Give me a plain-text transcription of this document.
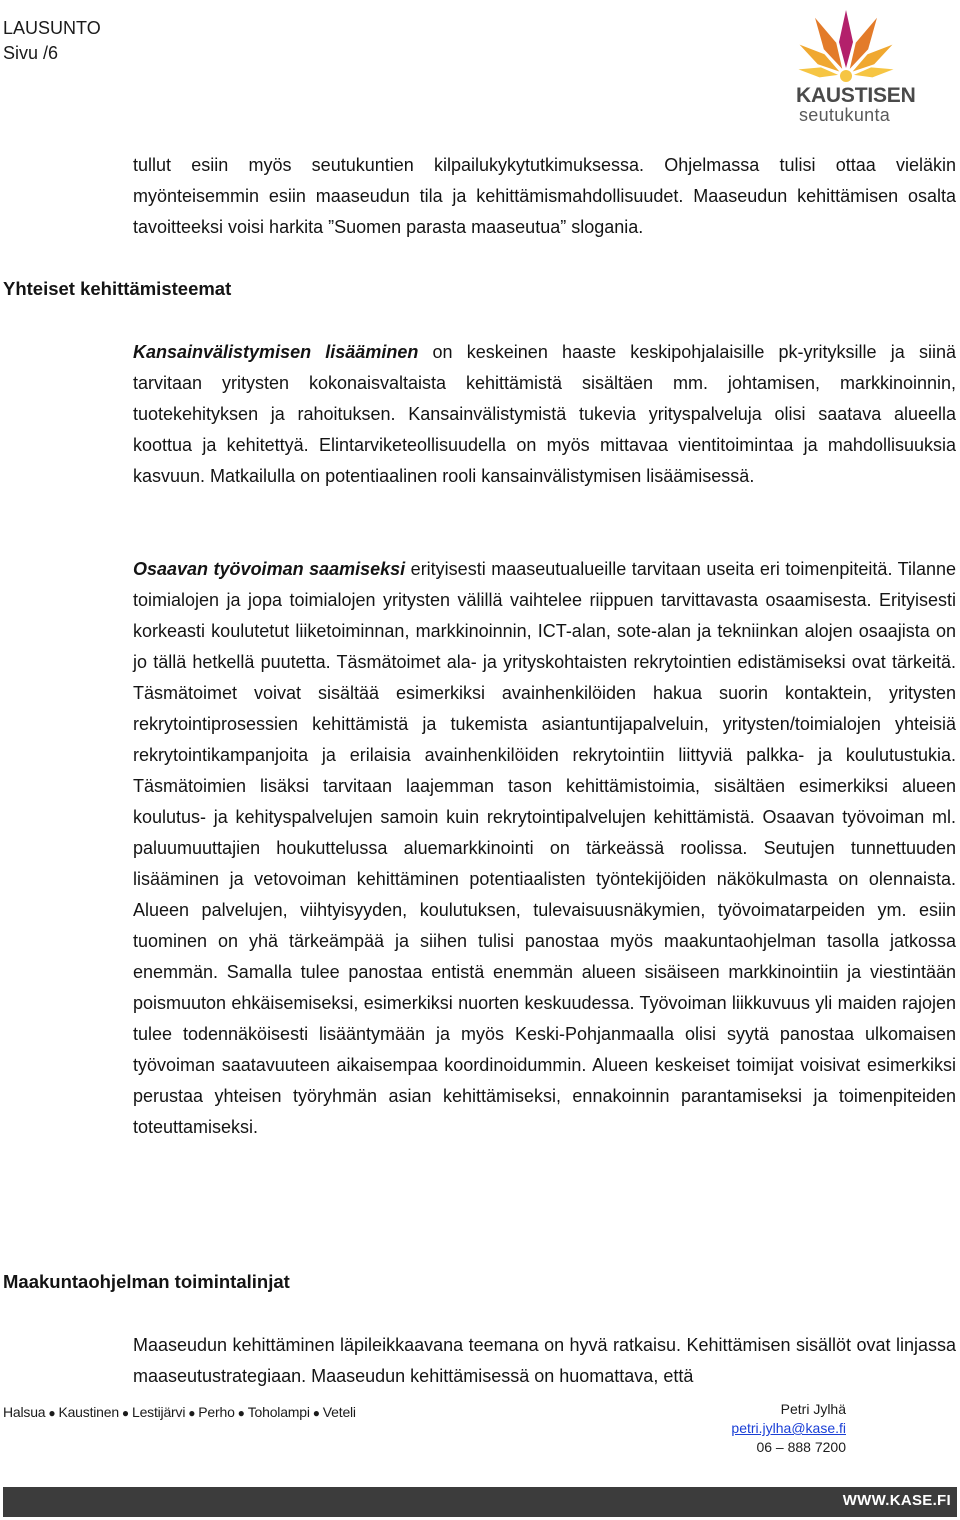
LAUSUNTO
Sivu /6
KAUSTISEN
seutukunta
tullut esiin myös seutukuntien kilpailukykytutkimuksessa. Ohjelmassa tulisi ottaa vieläkin myönteisemmin esiin maaseudun tila ja kehittämismahdollisuudet. Maaseudun kehittämisen osalta tavoitteeksi voisi harkita ”Suomen parasta maaseutua” slogania.
Yhteiset kehittämisteemat
Kansainvälistymisen lisääminen on keskeinen haaste keskipohjalaisille pk-yrityksille ja siinä tarvitaan yritysten kokonaisvaltaista kehittämistä sisältäen mm. johtamisen, markkinoinnin, tuotekehityksen ja rahoituksen. Kansainvälistymistä tukevia yrityspalveluja olisi saatava alueella koottua ja kehitettyä. Elintarviketeollisuudella on myös mittavaa vientitoimintaa ja mahdollisuuksia kasvuun. Matkailulla on potentiaalinen rooli kansainvälistymisen lisäämisessä.
Osaavan työvoiman saamiseksi erityisesti maaseutualueille tarvitaan useita eri toimenpiteitä. Tilanne toimialojen ja jopa toimialojen yritysten välillä vaihtelee riippuen tarvittavasta osaamisesta. Erityisesti korkeasti koulutetut liiketoiminnan, markkinoinnin, ICT-alan, sote-alan ja tekniinkan alojen osaajista on jo tällä hetkellä puutetta. Täsmätoimet ala- ja yrityskohtaisten rekrytointien edistämiseksi ovat tärkeitä. Täsmätoimet voivat sisältää esimerkiksi avainhenkilöiden hakua suorin kontaktein, yritysten rekrytointiprosessien kehittämistä ja tukemista asiantuntijapalveluin, yritysten/toimialojen yhteisiä rekrytointikampanjoita ja erilaisia avainhenkilöiden rekrytointiin liittyviä palkka- ja koulutustukia. Täsmätoimien lisäksi tarvitaan laajemman tason kehittämistoimia, sisältäen esimerkiksi alueen koulutus- ja kehityspalvelujen samoin kuin rekrytointipalvelujen kehittämistä. Osaavan työvoiman ml. paluumuuttajien houkuttelussa aluemarkkinointi on tärkeässä roolissa. Seutujen tunnettuuden lisääminen ja vetovoiman kehittäminen potentiaalisten työntekijöiden näkökulmasta on olennaista. Alueen palvelujen, viihtyisyyden, koulutuksen, tulevaisuusnäkymien, työvoimatarpeiden ym. esiin tuominen on yhä tärkeämpää ja siihen tulisi panostaa myös maakuntaohjelman tasolla jatkossa enemmän. Samalla tulee panostaa entistä enemmän alueen sisäiseen markkinointiin ja viestintään poismuuton ehkäisemiseksi, esimerkiksi nuorten keskuudessa. Työvoiman liikkuvuus yli maiden rajojen tulee todennäköisesti lisääntymään ja myös Keski-Pohjanmaalla olisi syytä panostaa ulkomaisen työvoiman saatavuuteen aikaisempaa koordinoidummin. Alueen keskeiset toimijat voisivat esimerkiksi perustaa yhteisen työryhmän asian kehittämiseksi, ennakoinnin parantamiseksi ja toimenpiteiden toteuttamiseksi.
Maakuntaohjelman toimintalinjat
Maaseudun kehittäminen läpileikkaavana teemana on hyvä ratkaisu. Kehittämisen sisällöt ovat linjassa maaseutustrategiaan. Maaseudun kehittämisessä on huomattava, että
Halsua ● Kaustinen ● Lestijärvi ● Perho ● Toholampi ● Veteli	Petri Jylhä
petri.jylha@kase.fi
06 – 888 7200
WWW.KASE.FI
